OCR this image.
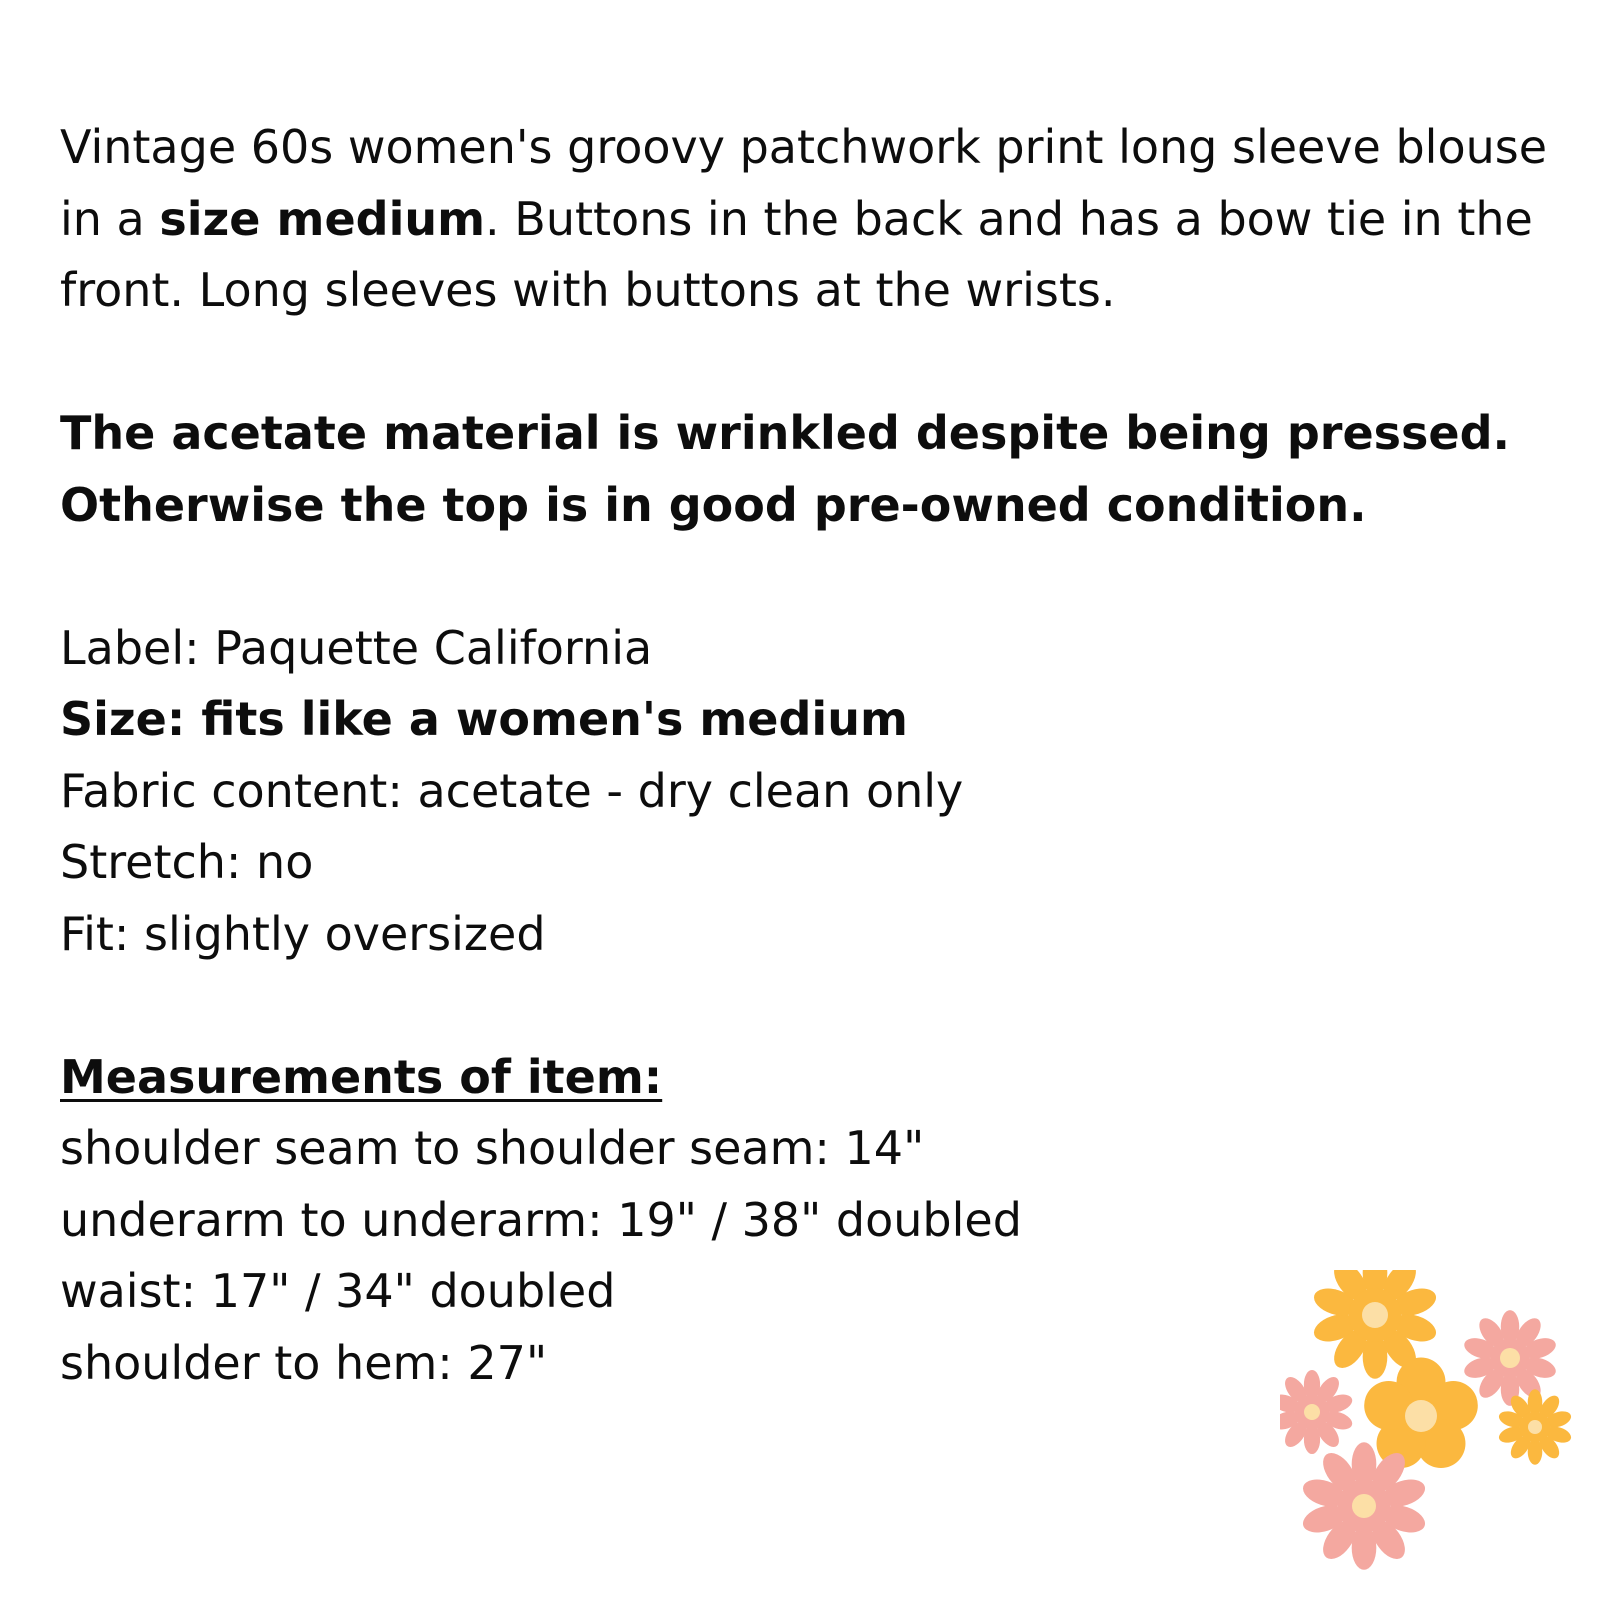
Vintage 60s women's groovy patchwork print long sleeve blouse in a size medium. Buttons in the back and has a bow tie in the front. Long sleeves with buttons at the wrists.

The acetate material is wrinkled despite being pressed.
Otherwise the top is in good pre-owned condition.

Label: Paquette California
Size: fits like a women's medium
Fabric content: acetate - dry clean only
Stretch: no
Fit: slightly oversized
Measurements of item:
shoulder seam to shoulder seam: 14"
underarm to underarm: 19" / 38" doubled
waist: 17" / 34" doubled
shoulder to hem: 27"
